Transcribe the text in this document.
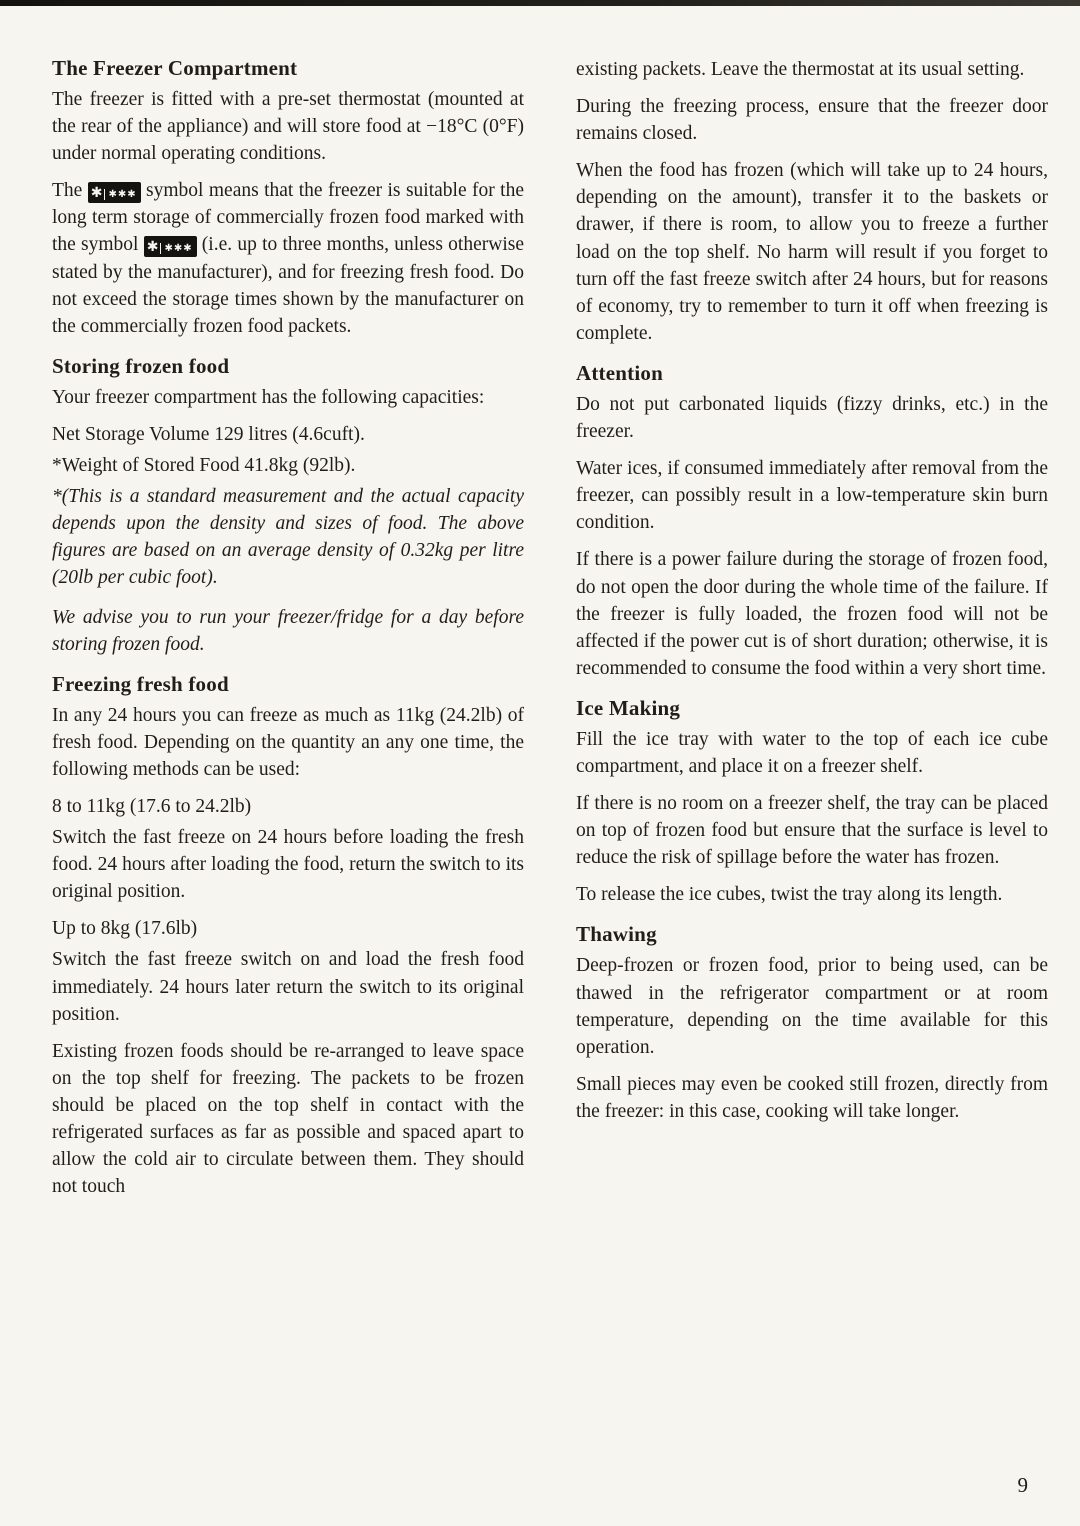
The Freezer Compartment

The freezer is fitted with a pre-set thermostat (mounted at the rear of the appliance) and will store food at −18°C (0°F) under normal operating conditions.

The ✱ ✱✱✱ symbol means that the freezer is suitable for the long term storage of commercially frozen food marked with the symbol ✱ ✱✱✱ (i.e. up to three months, unless otherwise stated by the manufacturer), and for freezing fresh food. Do not exceed the storage times shown by the manufacturer on the commercially frozen food packets.

Storing frozen food

Your freezer compartment has the following capacities:

Net Storage Volume 129 litres (4.6cuft).

*Weight of Stored Food 41.8kg (92lb).

*(This is a standard measurement and the actual capacity depends upon the density and sizes of food. The above figures are based on an average density of 0.32kg per litre (20lb per cubic foot).

We advise you to run your freezer/fridge for a day before storing frozen food.

Freezing fresh food

In any 24 hours you can freeze as much as 11kg (24.2lb) of fresh food. Depending on the quantity an any one time, the following methods can be used:

8 to 11kg (17.6 to 24.2lb)

Switch the fast freeze on 24 hours before loading the fresh food. 24 hours after loading the food, return the switch to its original position.

Up to 8kg (17.6lb)

Switch the fast freeze switch on and load the fresh food immediately. 24 hours later return the switch to its original position.

Existing frozen foods should be re-arranged to leave space on the top shelf for freezing. The packets to be frozen should be placed on the top shelf in contact with the refrigerated surfaces as far as possible and spaced apart to allow the cold air to circulate between them. They should not touch

existing packets. Leave the thermostat at its usual setting.

During the freezing process, ensure that the freezer door remains closed.

When the food has frozen (which will take up to 24 hours, depending on the amount), transfer it to the baskets or drawer, if there is room, to allow you to freeze a further load on the top shelf. No harm will result if you forget to turn off the fast freeze switch after 24 hours, but for reasons of economy, try to remember to turn it off when freezing is complete.

Attention

Do not put carbonated liquids (fizzy drinks, etc.) in the freezer.

Water ices, if consumed immediately after removal from the freezer, can possibly result in a low-temperature skin burn condition.

If there is a power failure during the storage of frozen food, do not open the door during the whole time of the failure. If the freezer is fully loaded, the frozen food will not be affected if the power cut is of short duration; otherwise, it is recommended to consume the food within a very short time.

Ice Making

Fill the ice tray with water to the top of each ice cube compartment, and place it on a freezer shelf.

If there is no room on a freezer shelf, the tray can be placed on top of frozen food but ensure that the surface is level to reduce the risk of spillage before the water has frozen.

To release the ice cubes, twist the tray along its length.

Thawing

Deep-frozen or frozen food, prior to being used, can be thawed in the refrigerator compartment or at room temperature, depending on the time available for this operation.

Small pieces may even be cooked still frozen, directly from the freezer: in this case, cooking will take longer.

9
